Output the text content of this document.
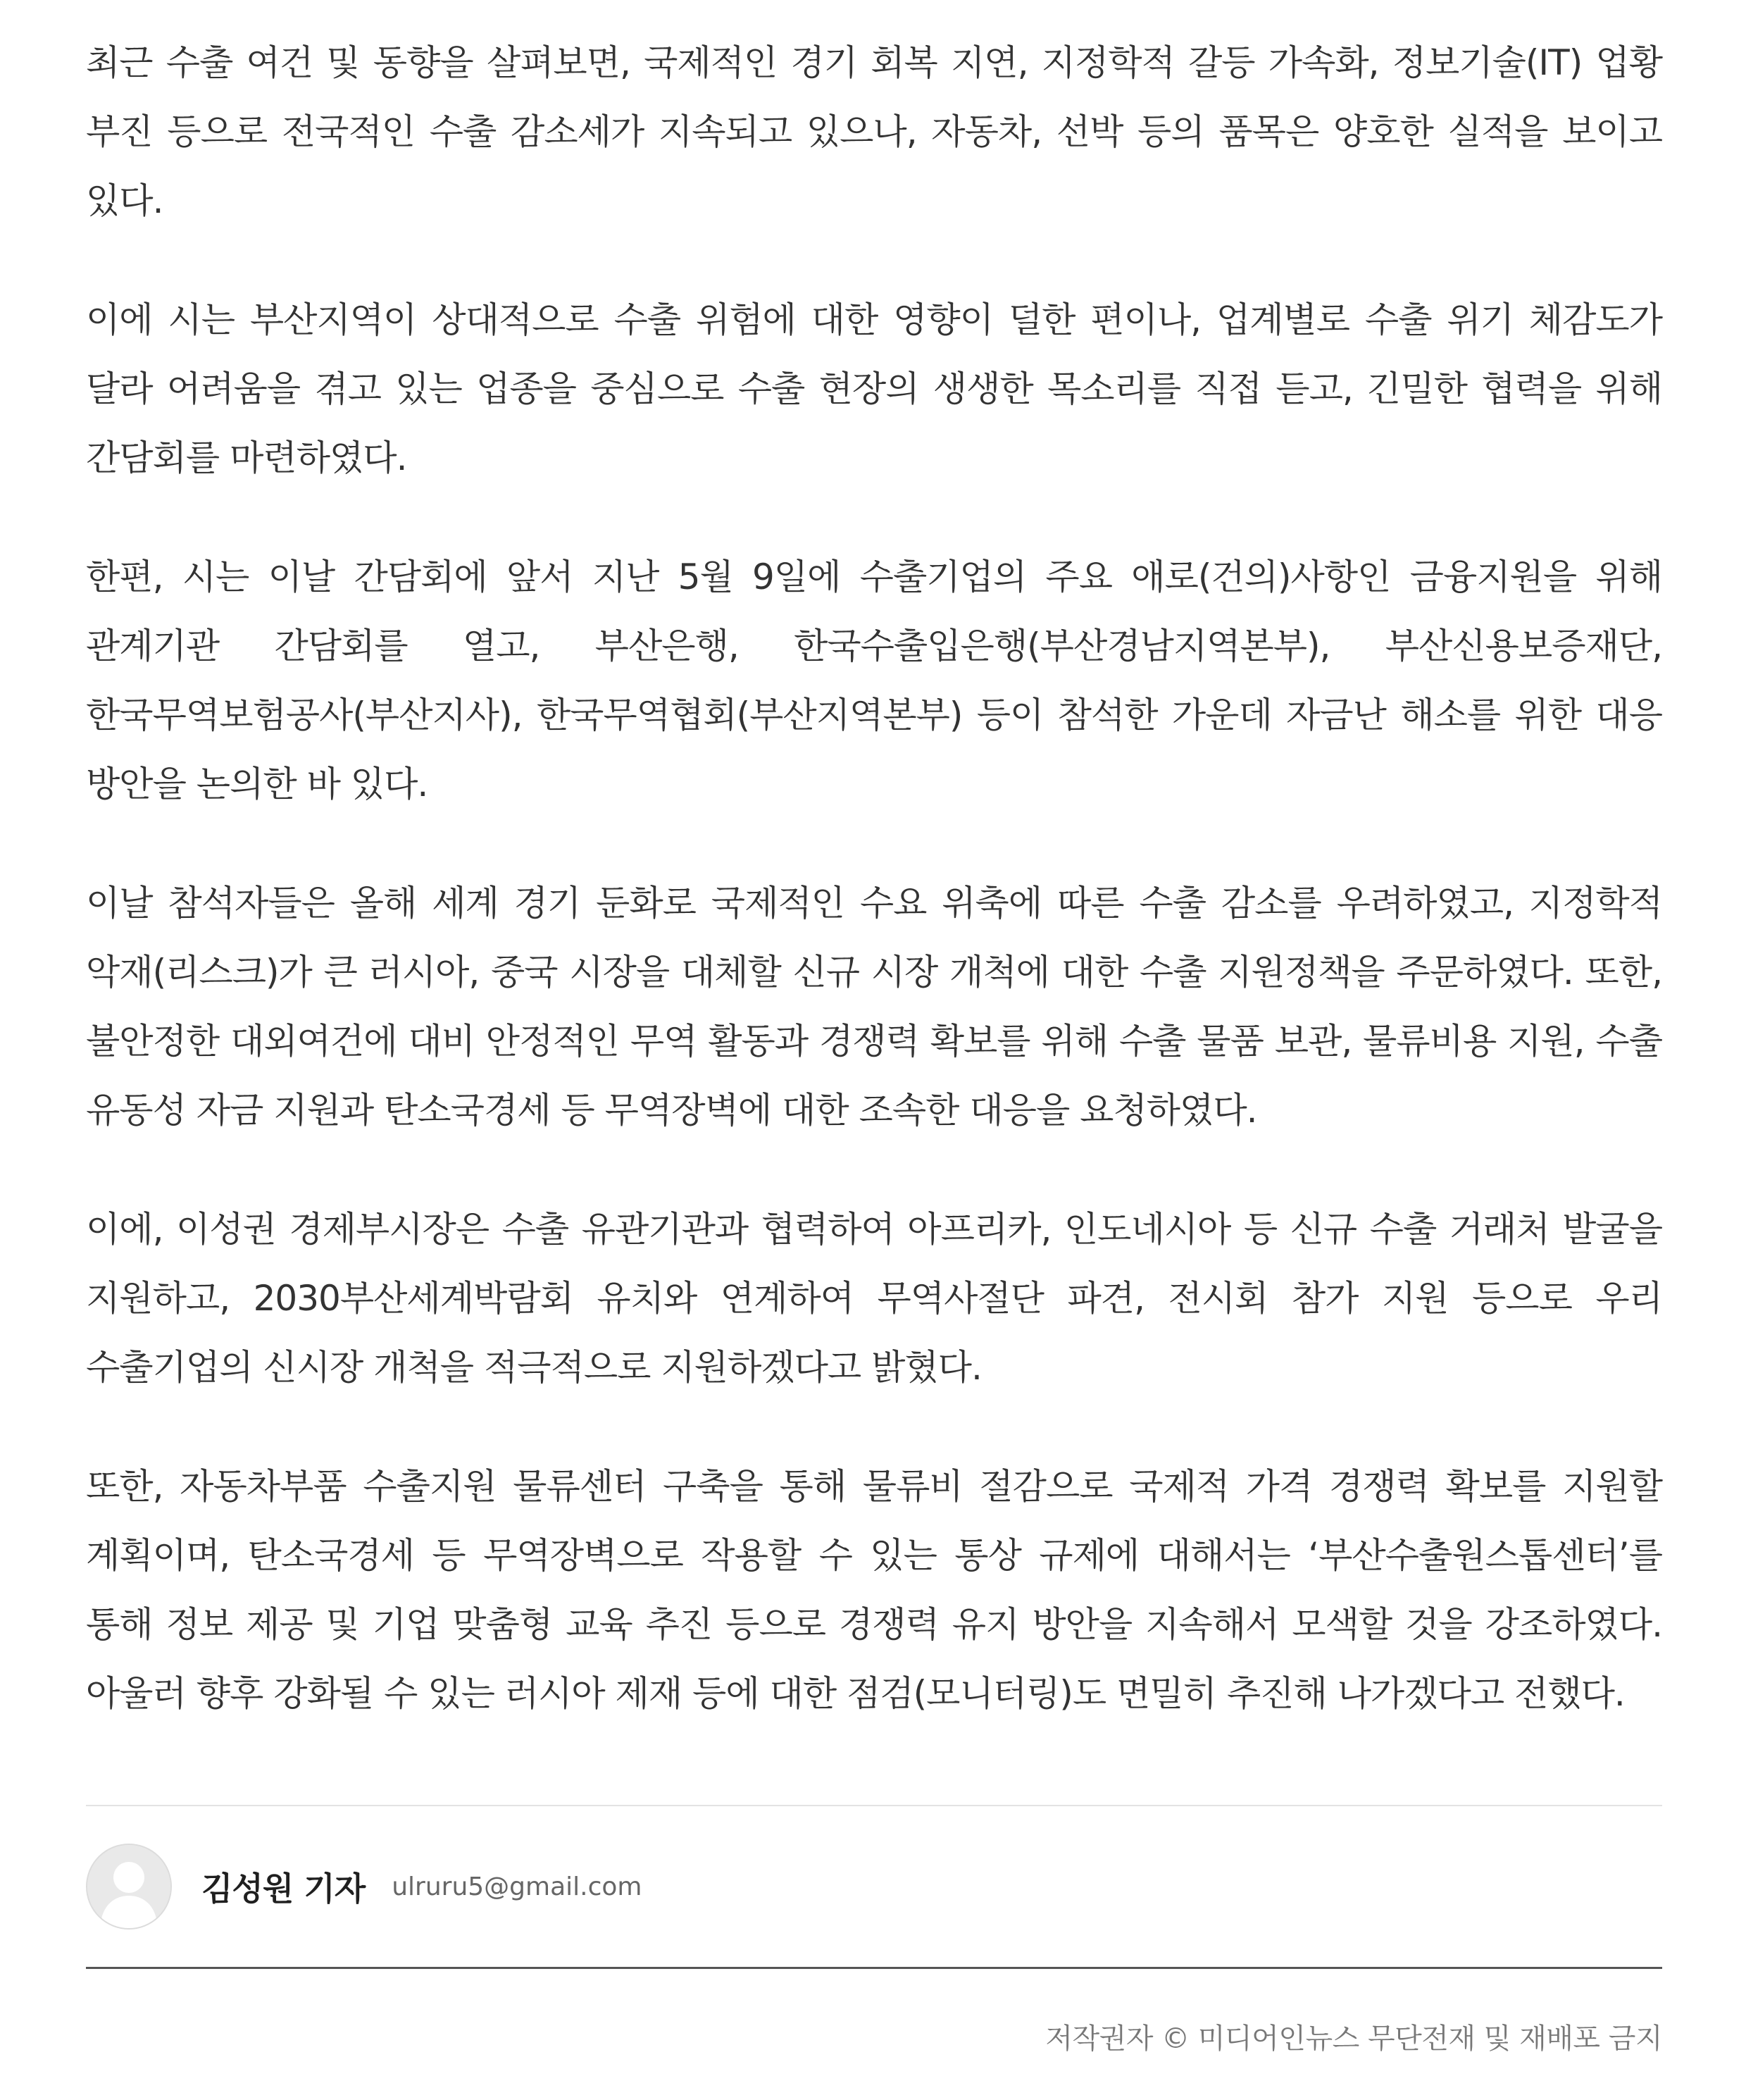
최근 수출 여건 및 동향을 살펴보면, 국제적인 경기 회복 지연, 지정학적 갈등 가속화, 정보기술(IT) 업황 부진 등으로 전국적인 수출 감소세가 지속되고 있으나, 자동차, 선박 등의 품목은 양호한 실적을 보이고 있다.

이에 시는 부산지역이 상대적으로 수출 위험에 대한 영향이 덜한 편이나, 업계별로 수출 위기 체감도가 달라 어려움을 겪고 있는 업종을 중심으로 수출 현장의 생생한 목소리를 직접 듣고, 긴밀한 협력을 위해 간담회를 마련하였다.

한편, 시는 이날 간담회에 앞서 지난 5월 9일에 수출기업의 주요 애로(건의)사항인 금융지원을 위해 관계기관 간담회를 열고, 부산은행, 한국수출입은행(부산경남지역본부), 부산신용보증재단, 한국무역보험공사(부산지사), 한국무역협회(부산지역본부) 등이 참석한 가운데 자금난 해소를 위한 대응 방안을 논의한 바 있다.

이날 참석자들은 올해 세계 경기 둔화로 국제적인 수요 위축에 따른 수출 감소를 우려하였고, 지정학적 악재(리스크)가 큰 러시아, 중국 시장을 대체할 신규 시장 개척에 대한 수출 지원정책을 주문하였다. 또한, 불안정한 대외여건에 대비 안정적인 무역 활동과 경쟁력 확보를 위해 수출 물품 보관, 물류비용 지원, 수출 유동성 자금 지원과 탄소국경세 등 무역장벽에 대한 조속한 대응을 요청하였다.

이에, 이성권 경제부시장은 수출 유관기관과 협력하여 아프리카, 인도네시아 등 신규 수출 거래처 발굴을 지원하고, 2030부산세계박람회 유치와 연계하여 무역사절단 파견, 전시회 참가 지원 등으로 우리 수출기업의 신시장 개척을 적극적으로 지원하겠다고 밝혔다.

또한, 자동차부품 수출지원 물류센터 구축을 통해 물류비 절감으로 국제적 가격 경쟁력 확보를 지원할 계획이며, 탄소국경세 등 무역장벽으로 작용할 수 있는 통상 규제에 대해서는 ‘부산수출원스톱센터’를 통해 정보 제공 및 기업 맞춤형 교육 추진 등으로 경쟁력 유지 방안을 지속해서 모색할 것을 강조하였다. 아울러 향후 강화될 수 있는 러시아 제재 등에 대한 점검(모니터링)도 면밀히 추진해 나가겠다고 전했다.

김성원 기자 ulruru5@gmail.com
저작권자 © 미디어인뉴스 무단전재 및 재배포 금지
